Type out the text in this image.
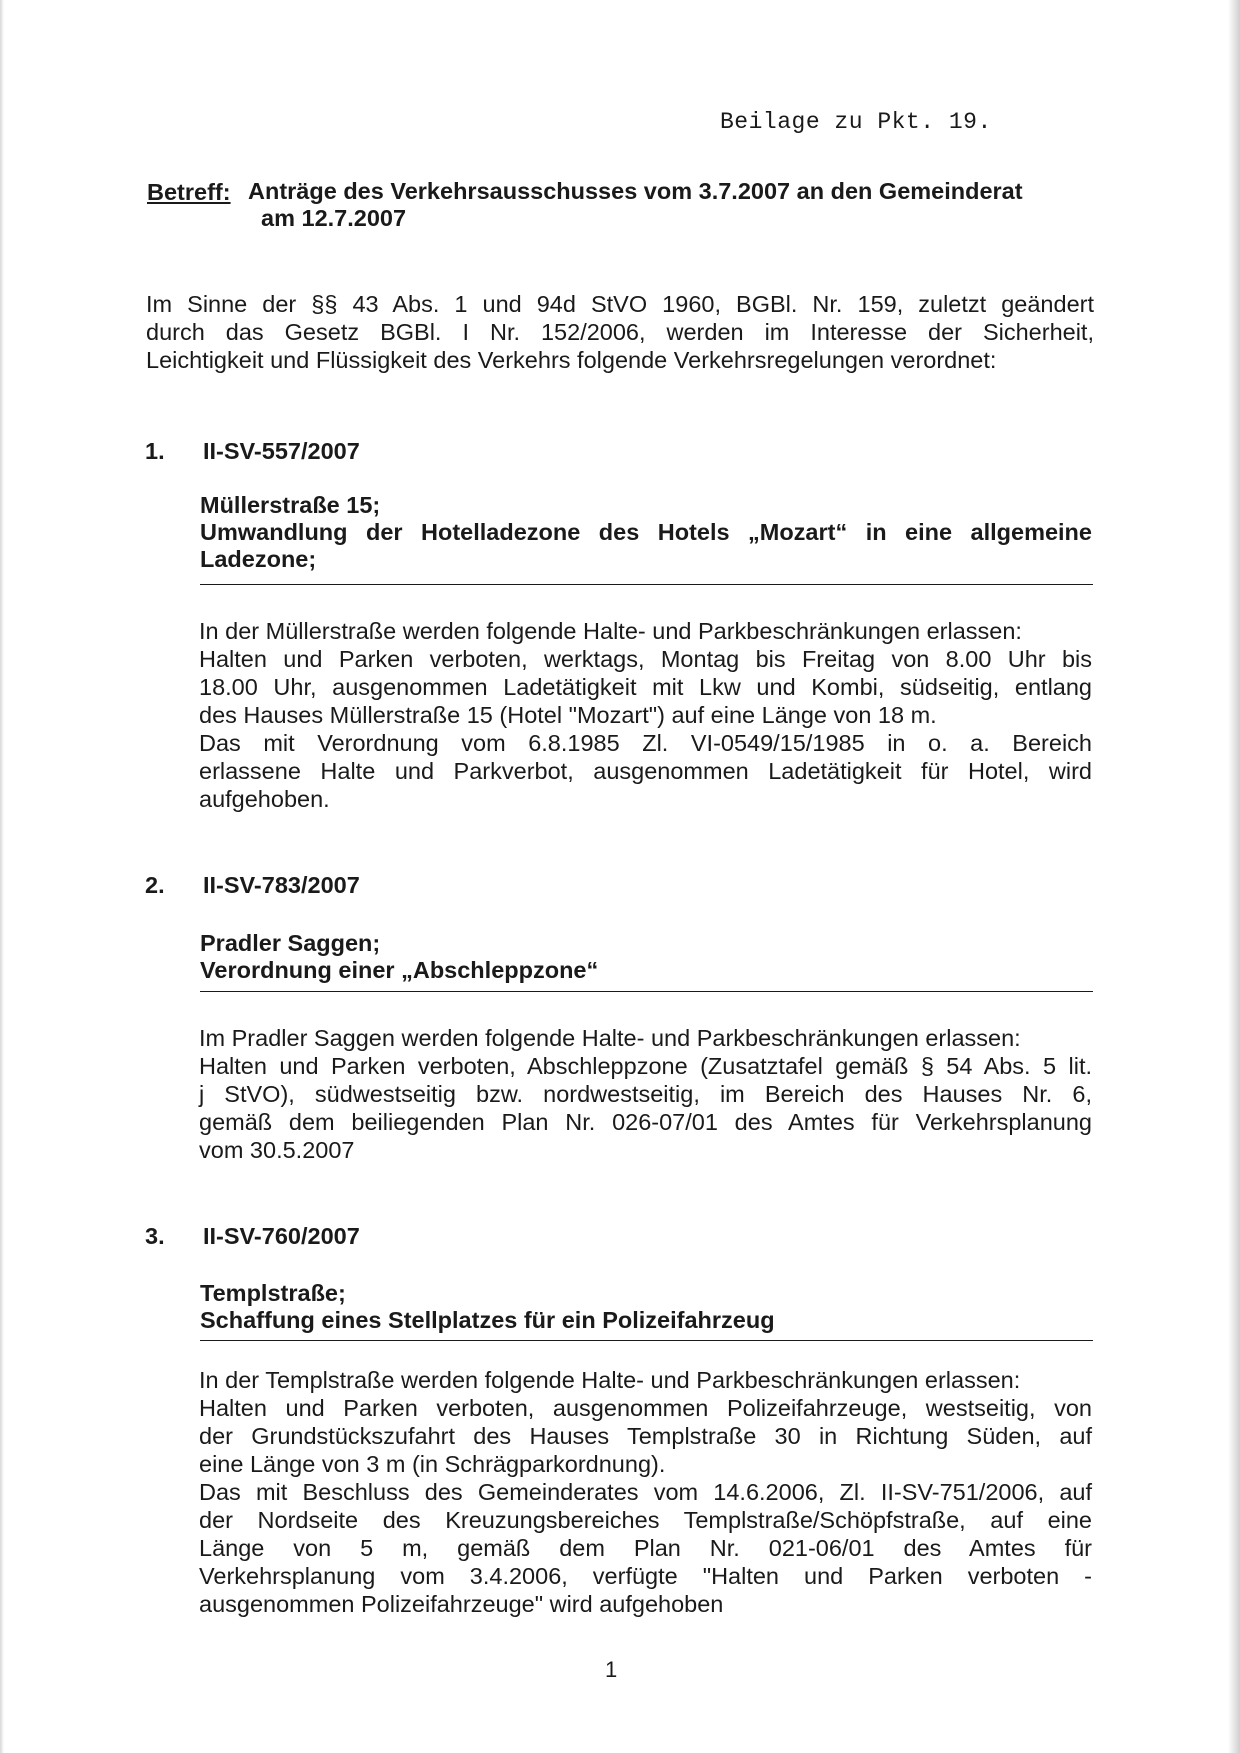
Beilage zu Pkt. 19.
Betreff: Anträge des Verkehrsausschusses vom 3.7.2007 an den Gemeinderat
am 12.7.2007
Im Sinne der §§ 43 Abs. 1 und 94d StVO 1960, BGBl. Nr. 159, zuletzt geändert
durch das Gesetz BGBl. I Nr. 152/2006, werden im Interesse der Sicherheit,
Leichtigkeit und Flüssigkeit des Verkehrs folgende Verkehrsregelungen verordnet:
1. II-SV-557/2007
Müllerstraße 15;
Umwandlung der Hotelladezone des Hotels „Mozart“ in eine allgemeine
Ladezone;
In der Müllerstraße werden folgende Halte- und Parkbeschränkungen erlassen:
Halten und Parken verboten, werktags, Montag bis Freitag von 8.00 Uhr bis
18.00 Uhr, ausgenommen Ladetätigkeit mit Lkw und Kombi, südseitig, entlang
des Hauses Müllerstraße 15 (Hotel "Mozart") auf eine Länge von 18 m.
Das mit Verordnung vom 6.8.1985 Zl. VI-0549/15/1985 in o. a. Bereich
erlassene Halte und Parkverbot, ausgenommen Ladetätigkeit für Hotel, wird
aufgehoben.
2. II-SV-783/2007
Pradler Saggen;
Verordnung einer „Abschleppzone“
Im Pradler Saggen werden folgende Halte- und Parkbeschränkungen erlassen:
Halten und Parken verboten, Abschleppzone (Zusatztafel gemäß § 54 Abs. 5 lit.
j StVO), südwestseitig bzw. nordwestseitig, im Bereich des Hauses Nr. 6,
gemäß dem beiliegenden Plan Nr. 026-07/01 des Amtes für Verkehrsplanung
vom 30.5.2007
3. II-SV-760/2007
Templstraße;
Schaffung eines Stellplatzes für ein Polizeifahrzeug
In der Templstraße werden folgende Halte- und Parkbeschränkungen erlassen:
Halten und Parken verboten, ausgenommen Polizeifahrzeuge, westseitig, von
der Grundstückszufahrt des Hauses Templstraße 30 in Richtung Süden, auf
eine Länge von 3 m (in Schrägparkordnung).
Das mit Beschluss des Gemeinderates vom 14.6.2006, Zl. II-SV-751/2006, auf
der Nordseite des Kreuzungsbereiches Templstraße/Schöpfstraße, auf eine
Länge von 5 m, gemäß dem Plan Nr. 021-06/01 des Amtes für
Verkehrsplanung vom 3.4.2006, verfügte "Halten und Parken verboten -
ausgenommen Polizeifahrzeuge" wird aufgehoben
1
